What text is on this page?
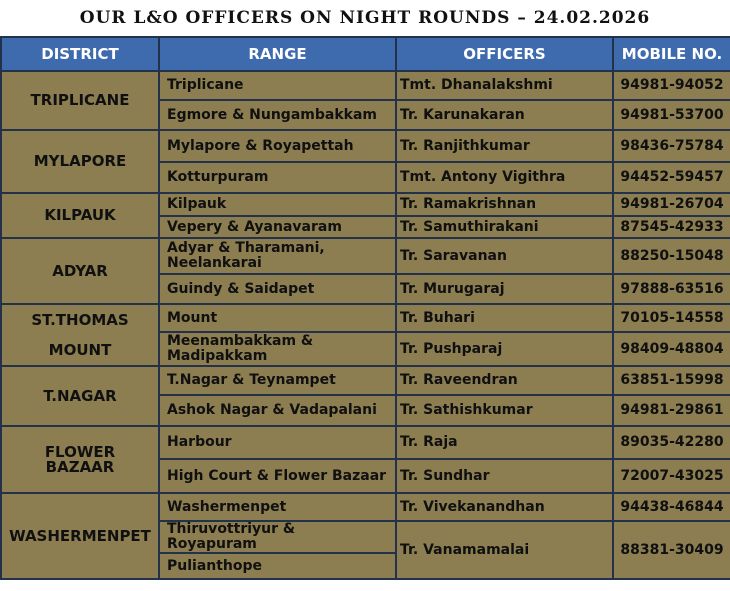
OUR L&O OFFICERS ON NIGHT ROUNDS – 24.02.2026
DISTRICT	RANGE	OFFICERS	MOBILE NO.
TRIPLICANE	Triplicane	Tmt. Dhanalakshmi	94981-94052
	Egmore & Nungambakkam	Tr. Karunakaran	94981-53700
MYLAPORE	Mylapore & Royapettah	Tr. Ranjithkumar	98436-75784
	Kotturpuram	Tmt. Antony Vigithra	94452-59457
KILPAUK	Kilpauk	Tr. Ramakrishnan	94981-26704
	Vepery & Ayanavaram	Tr. Samuthirakani	87545-42933
ADYAR	Adyar & Tharamani, Neelankarai	Tr. Saravanan	88250-15048
	Guindy & Saidapet	Tr. Murugaraj	97888-63516
ST.THOMAS MOUNT	Mount	Tr. Buhari	70105-14558
	Meenambakkam & Madipakkam	Tr. Pushparaj	98409-48804
T.NAGAR	T.Nagar & Teynampet	Tr. Raveendran	63851-15998
	Ashok Nagar & Vadapalani	Tr. Sathishkumar	94981-29861
FLOWER BAZAAR	Harbour	Tr. Raja	89035-42280
	High Court & Flower Bazaar	Tr. Sundhar	72007-43025
WASHERMENPET	Washermenpet	Tr. Vivekanandhan	94438-46844
	Thiruvottriyur & Royapuram	Tr. Vanamamalai	88381-30409
	Pulianthope		
